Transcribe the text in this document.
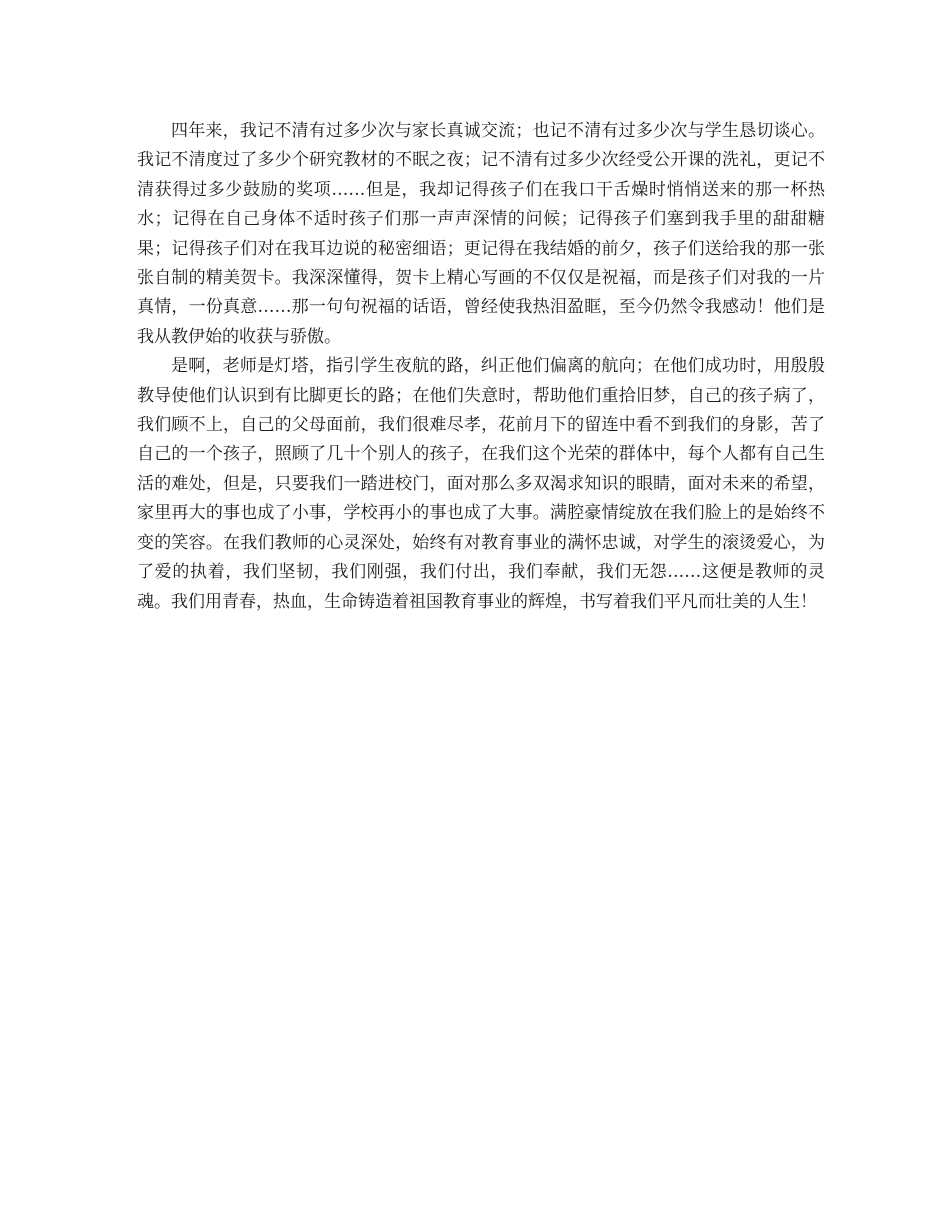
四年来，我记不清有过多少次与家长真诚交流；也记不清有过多少次与学生恳切谈心。我记不清度过了多少个研究教材的不眠之夜；记不清有过多少次经受公开课的洗礼，更记不清获得过多少鼓励的奖项……但是，我却记得孩子们在我口干舌燥时悄悄送来的那一杯热水；记得在自己身体不适时孩子们那一声声深情的问候；记得孩子们塞到我手里的甜甜糖果；记得孩子们对在我耳边说的秘密细语；更记得在我结婚的前夕，孩子们送给我的那一张张自制的精美贺卡。我深深懂得，贺卡上精心写画的不仅仅是祝福，而是孩子们对我的一片真情，一份真意……那一句句祝福的话语，曾经使我热泪盈眶，至今仍然令我感动！他们是我从教伊始的收获与骄傲。

是啊，老师是灯塔，指引学生夜航的路，纠正他们偏离的航向；在他们成功时，用殷殷教导使他们认识到有比脚更长的路；在他们失意时，帮助他们重拾旧梦，自己的孩子病了，我们顾不上，自己的父母面前，我们很难尽孝，花前月下的留连中看不到我们的身影，苦了自己的一个孩子，照顾了几十个别人的孩子，在我们这个光荣的群体中，每个人都有自己生活的难处，但是，只要我们一踏进校门，面对那么多双渴求知识的眼睛，面对未来的希望，家里再大的事也成了小事，学校再小的事也成了大事。满腔豪情绽放在我们脸上的是始终不变的笑容。在我们教师的心灵深处，始终有对教育事业的满怀忠诚，对学生的滚烫爱心，为了爱的执着，我们坚韧，我们刚强，我们付出，我们奉献，我们无怨……这便是教师的灵魂。我们用青春，热血，生命铸造着祖国教育事业的辉煌，书写着我们平凡而壮美的人生！
